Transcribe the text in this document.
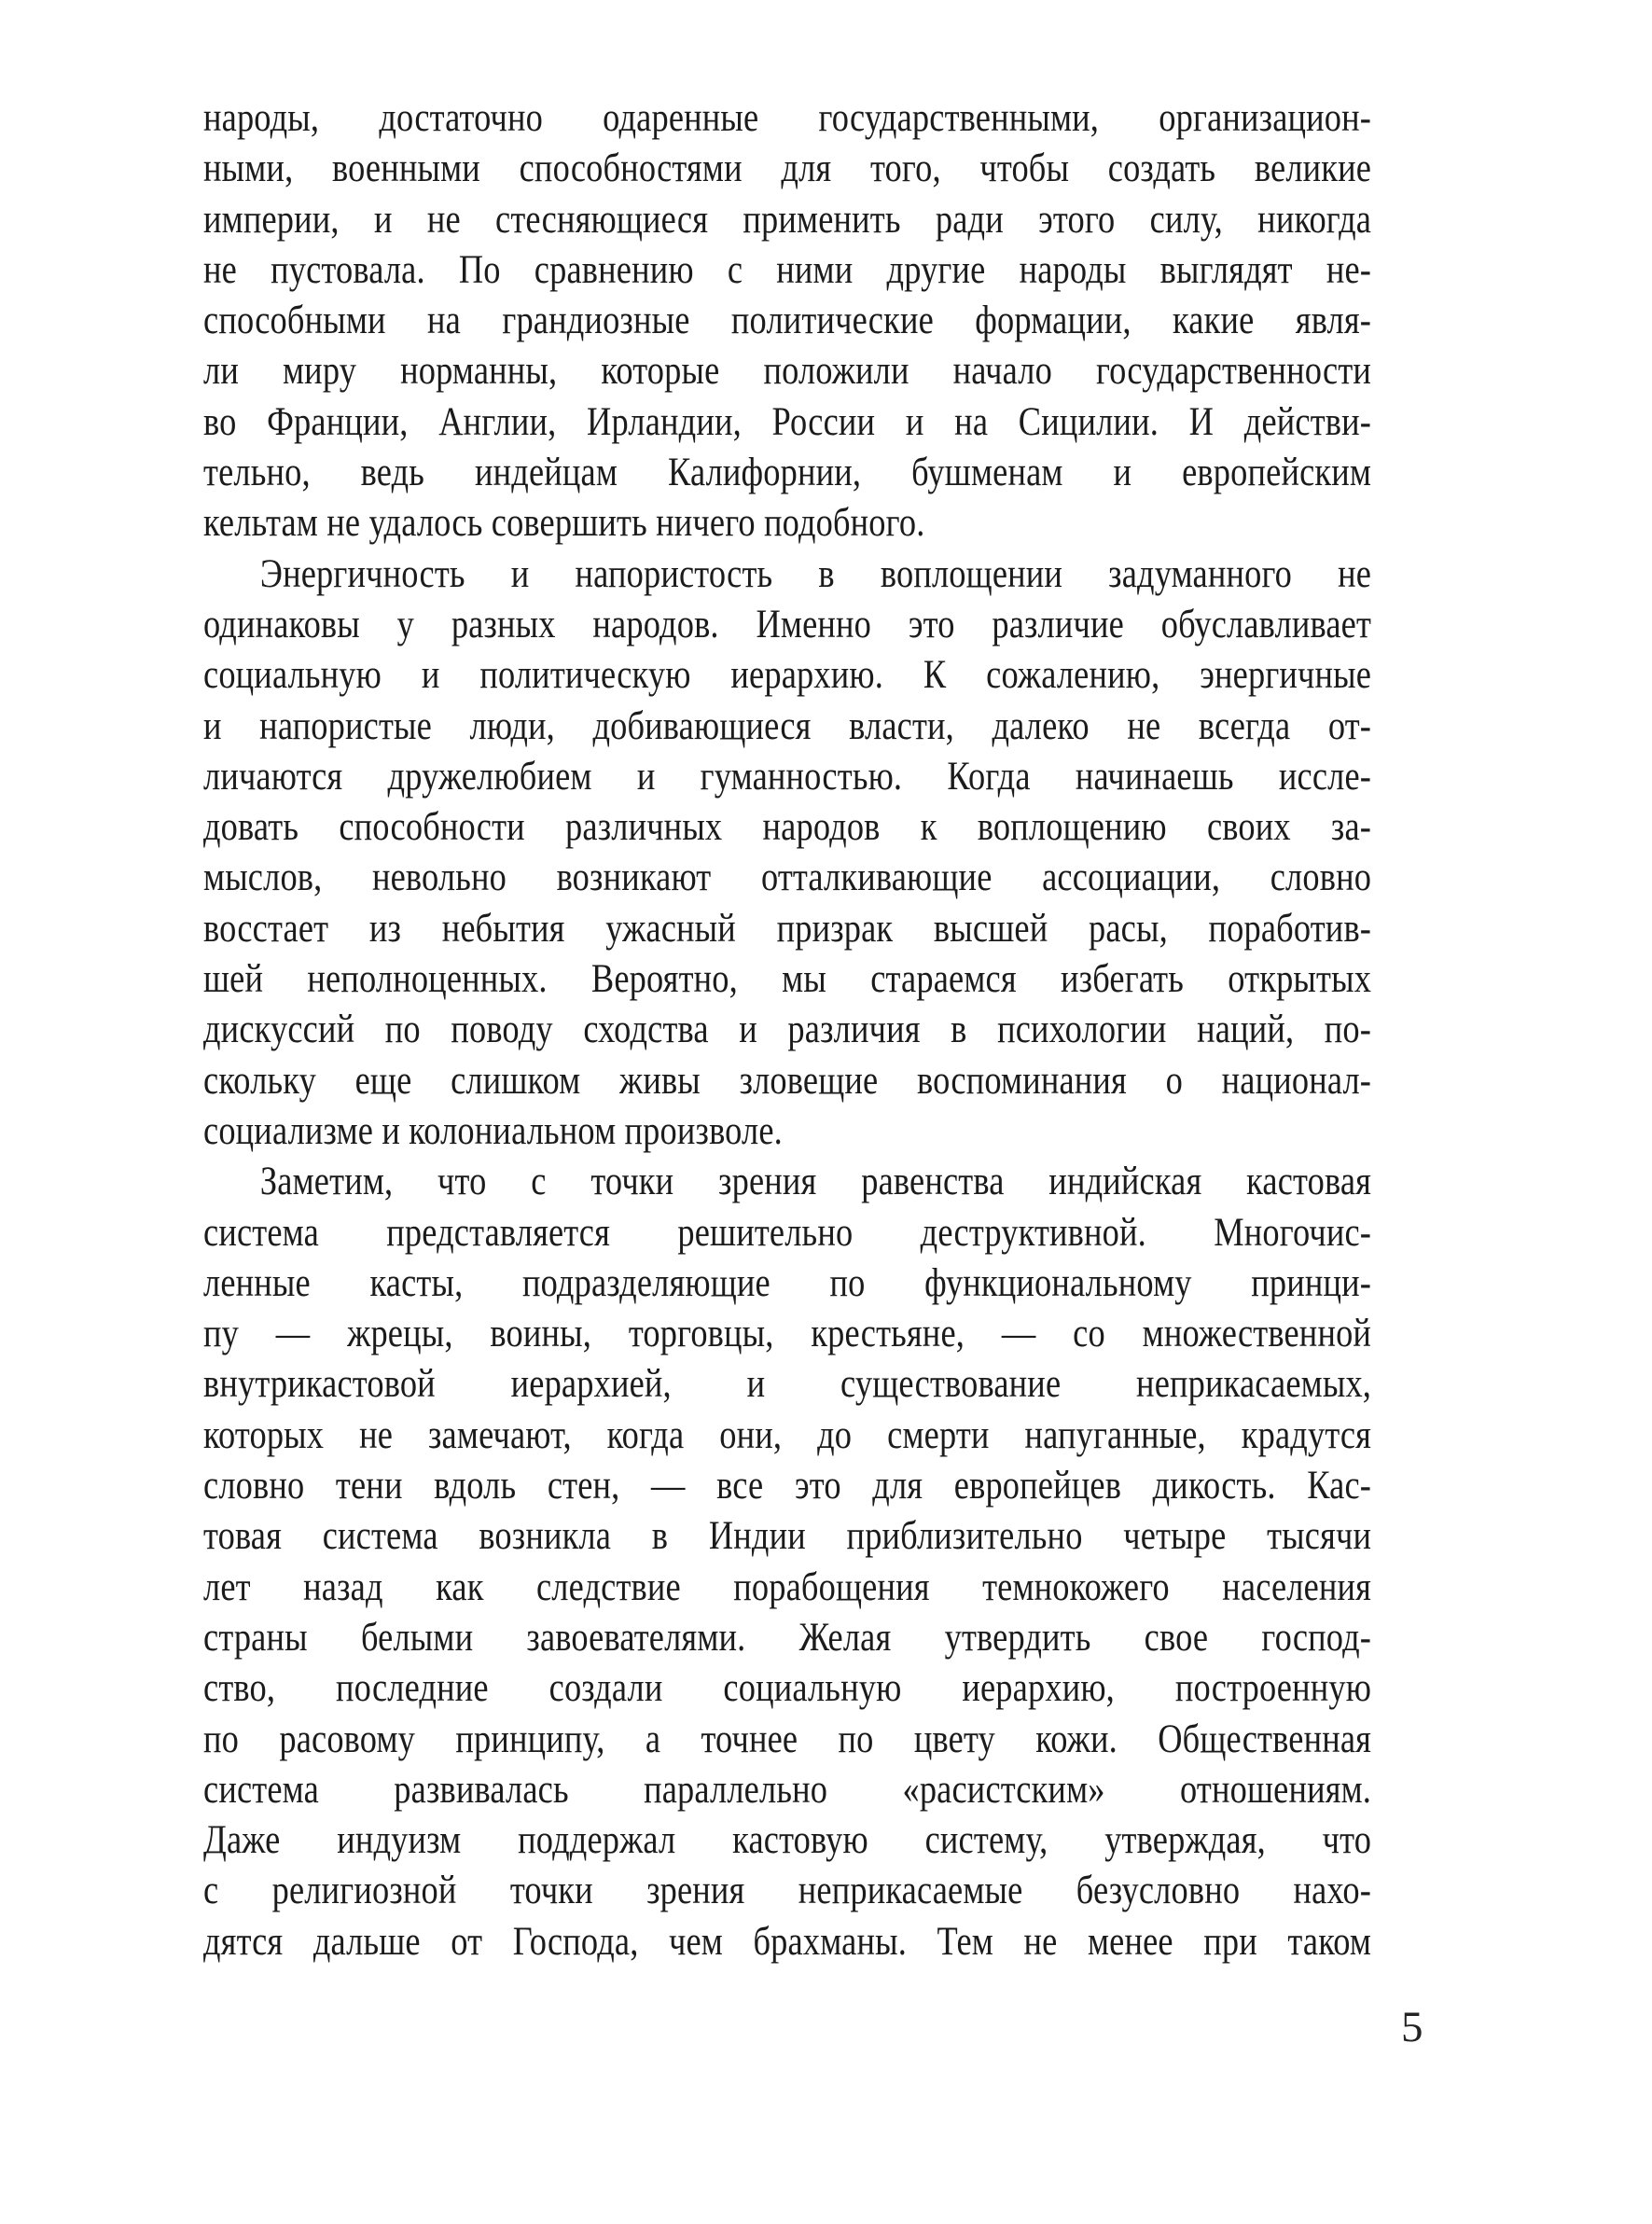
народы, достаточно одаренные государственными, организацион-
ными, военными способностями для того, чтобы создать великие
империи, и не стесняющиеся применить ради этого силу, никогда
не пустовала. По сравнению с ними другие народы выглядят не-
способными на грандиозные политические формации, какие явля-
ли миру норманны, которые положили начало государственности
во Франции, Англии, Ирландии, России и на Сицилии. И действи-
тельно, ведь индейцам Калифорнии, бушменам и европейским
кельтам не удалось совершить ничего подобного.
Энергичность и напористость в воплощении задуманного не
одинаковы у разных народов. Именно это различие обуславливает
социальную и политическую иерархию. К сожалению, энергичные
и напористые люди, добивающиеся власти, далеко не всегда от-
личаются дружелюбием и гуманностью. Когда начинаешь иссле-
довать способности различных народов к воплощению своих за-
мыслов, невольно возникают отталкивающие ассоциации, словно
восстает из небытия ужасный призрак высшей расы, поработив-
шей неполноценных. Вероятно, мы стараемся избегать открытых
дискуссий по поводу сходства и различия в психологии наций, по-
скольку еще слишком живы зловещие воспоминания о национал-
социализме и колониальном произволе.
Заметим, что с точки зрения равенства индийская кастовая
система представляется решительно деструктивной. Многочис-
ленные касты, подразделяющие по функциональному принци-
пу — жрецы, воины, торговцы, крестьяне, — со множественной
внутрикастовой иерархией, и существование неприкасаемых,
которых не замечают, когда они, до смерти напуганные, крадутся
словно тени вдоль стен, — все это для европейцев дикость. Кас-
товая система возникла в Индии приблизительно четыре тысячи
лет назад как следствие порабощения темнокожего населения
страны белыми завоевателями. Желая утвердить свое господ-
ство, последние создали социальную иерархию, построенную
по расовому принципу, а точнее по цвету кожи. Общественная
система развивалась параллельно «расистским» отношениям.
Даже индуизм поддержал кастовую систему, утверждая, что
с религиозной точки зрения неприкасаемые безусловно нахо-
дятся дальше от Господа, чем брахманы. Тем не менее при таком
5
